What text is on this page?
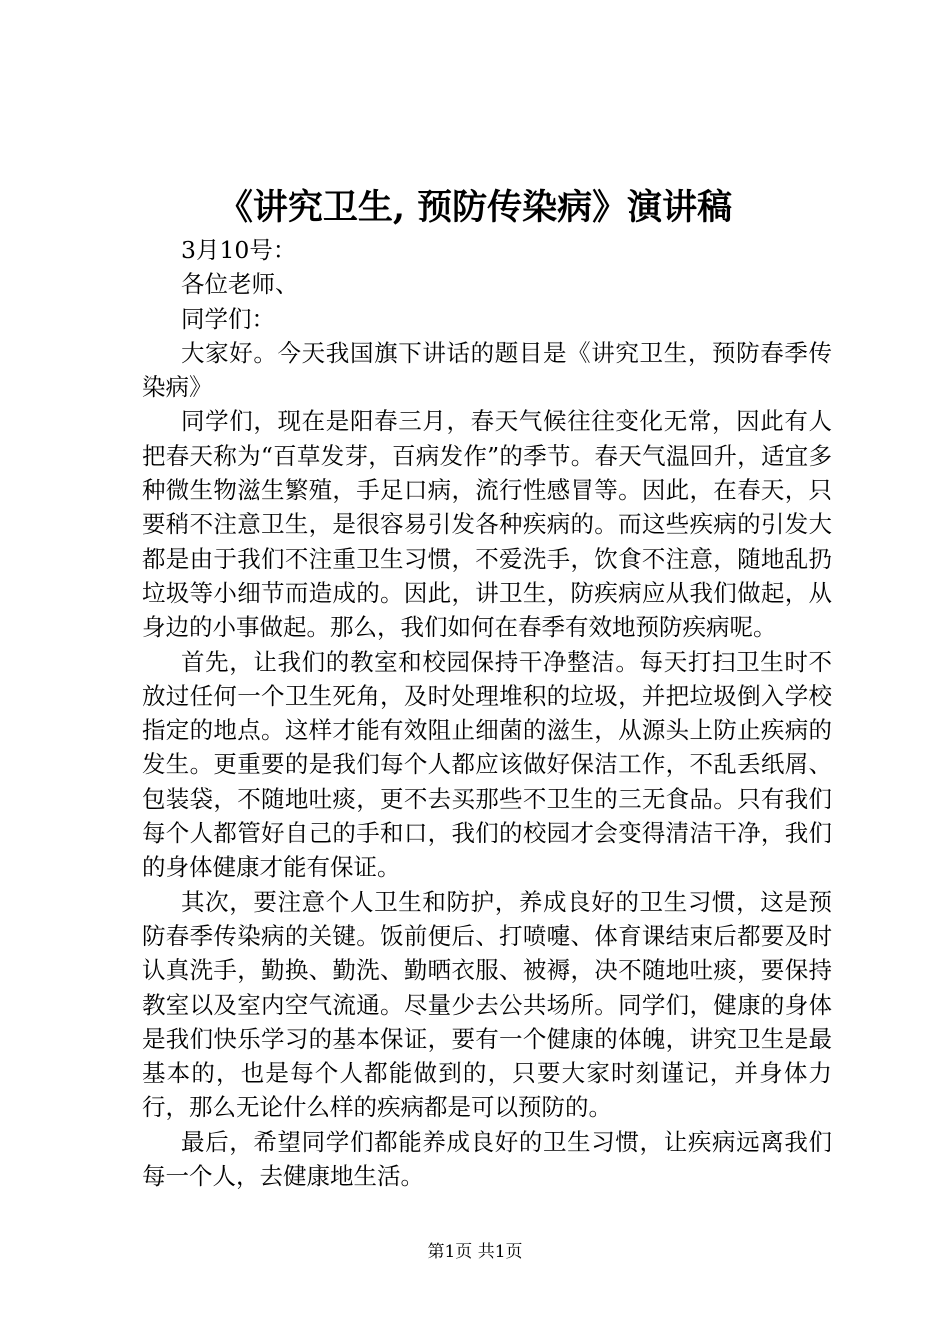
《讲究卫生, 预防传染病》演讲稿

3月10号：

各位老师、

同学们：

大家好。今天我国旗下讲话的题目是《讲究卫生，预防春季传染病》

同学们，现在是阳春三月，春天气候往往变化无常，因此有人把春天称为“百草发芽，百病发作”的季节。春天气温回升，适宜多种微生物滋生繁殖，手足口病，流行性感冒等。因此，在春天，只要稍不注意卫生，是很容易引发各种疾病的。而这些疾病的引发大都是由于我们不注重卫生习惯，不爱洗手，饮食不注意，随地乱扔垃圾等小细节而造成的。因此，讲卫生，防疾病应从我们做起，从身边的小事做起。那么，我们如何在春季有效地预防疾病呢。

首先，让我们的教室和校园保持干净整洁。每天打扫卫生时不放过任何一个卫生死角，及时处理堆积的垃圾，并把垃圾倒入学校指定的地点。这样才能有效阻止细菌的滋生，从源头上防止疾病的发生。更重要的是我们每个人都应该做好保洁工作，不乱丢纸屑、包装袋，不随地吐痰，更不去买那些不卫生的三无食品。只有我们每个人都管好自己的手和口，我们的校园才会变得清洁干净，我们的身体健康才能有保证。

其次，要注意个人卫生和防护，养成良好的卫生习惯，这是预防春季传染病的关键。饭前便后、打喷嚏、体育课结束后都要及时认真洗手，勤换、勤洗、勤晒衣服、被褥，决不随地吐痰，要保持教室以及室内空气流通。尽量少去公共场所。同学们，健康的身体是我们快乐学习的基本保证，要有一个健康的体魄，讲究卫生是最基本的，也是每个人都能做到的，只要大家时刻谨记，并身体力行，那么无论什么样的疾病都是可以预防的。

最后，希望同学们都能养成良好的卫生习惯，让疾病远离我们每一个人，去健康地生活。

第1页 共1页
